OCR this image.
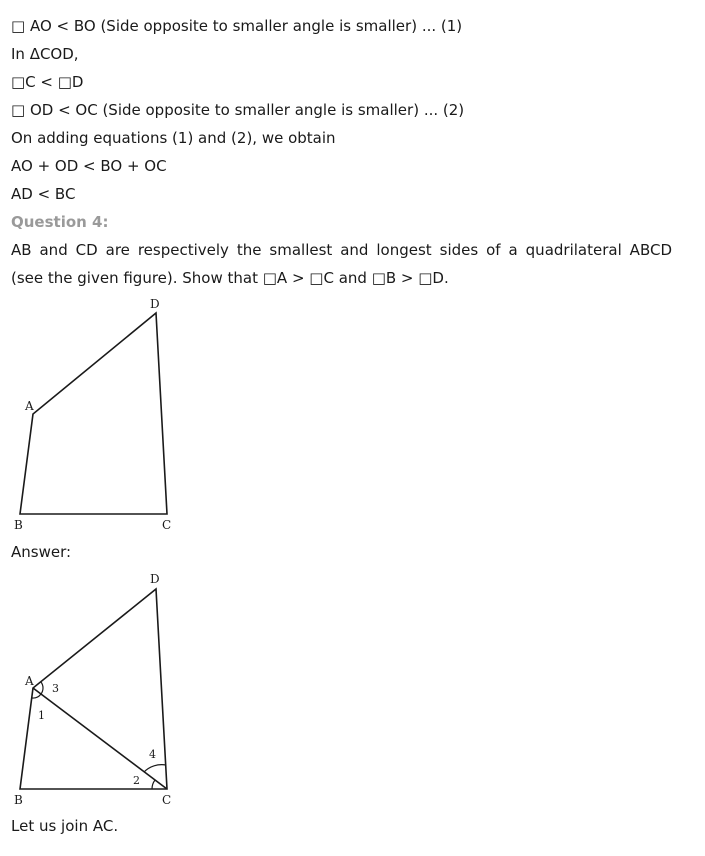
□ AO < BO (Side opposite to smaller angle is smaller) ... (1)
In ΔCOD,
□C < □D
□ OD < OC (Side opposite to smaller angle is smaller) ... (2)
On adding equations (1) and (2), we obtain
AO + OD < BO + OC
AD < BC
Question 4:
AB and CD are respectively the smallest and longest sides of a quadrilateral ABCD
(see the given figure). Show that □A > □C and □B > □D.
D
A
B	C
Answer:
D
A
B	C
3
1
2
4
Let us join AC.
